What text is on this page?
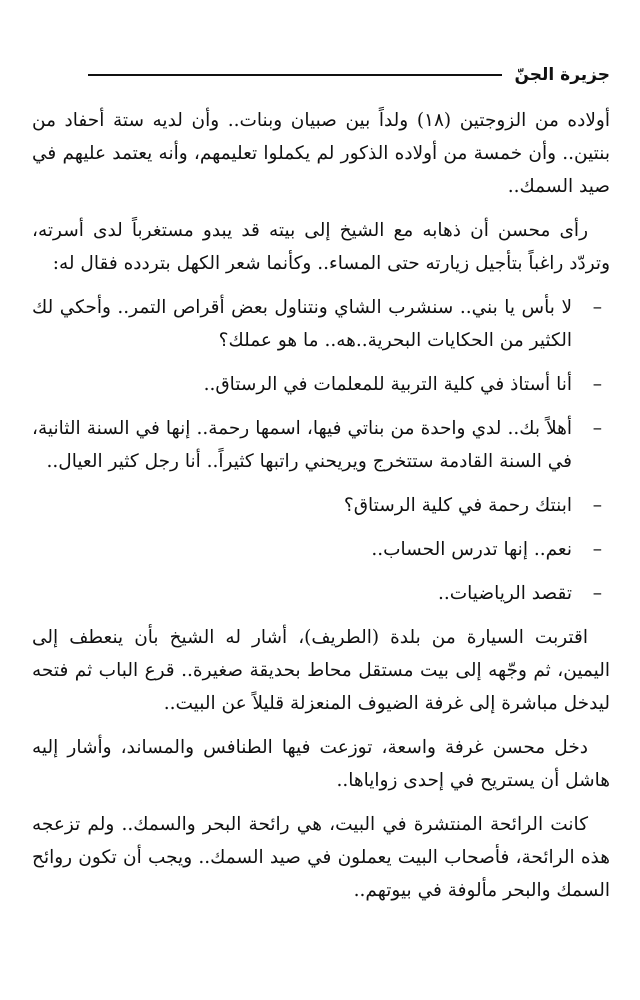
جزيرة الجنّ

أولاده من الزوجتين (١٨) ولداً بين صبيان وبنات.. وأن لديه ستة أحفاد من بنتين.. وأن خمسة من أولاده الذكور لم يكملوا تعليمهم، وأنه يعتمد عليهم في صيد السمك..

رأى محسن أن ذهابه مع الشيخ إلى بيته قد يبدو مستغرباً لدى أسرته، وتردّد راغباً بتأجيل زيارته حتى المساء.. وكأنما شعر الكهل بتردده فقال له:

–
لا بأس يا بني.. سنشرب الشاي ونتناول بعض أقراص التمر.. وأحكي لك الكثير من الحكايات البحرية..هه.. ما هو عملك؟
–
أنا أستاذ في كلية التربية للمعلمات في الرستاق..
–
أهلاً بك.. لدي واحدة من بناتي فيها، اسمها رحمة.. إنها في السنة الثانية، في السنة القادمة ستتخرج ويريحني راتبها كثيراً.. أنا رجل كثير العيال..
–
ابنتك رحمة في كلية الرستاق؟
–
نعم.. إنها تدرس الحساب..
–
تقصد الرياضيات..

اقتربت السيارة من بلدة (الطريف)، أشار له الشيخ بأن ينعطف إلى اليمين، ثم وجّهه إلى بيت مستقل محاط بحديقة صغيرة.. قرع الباب ثم فتحه ليدخل مباشرة إلى غرفة الضيوف المنعزلة قليلاً عن البيت..

دخل محسن غرفة واسعة، توزعت فيها الطنافس والمساند، وأشار إليه هاشل أن يستريح في إحدى زواياها..

كانت الرائحة المنتشرة في البيت، هي رائحة البحر والسمك.. ولم تزعجه هذه الرائحة، فأصحاب البيت يعملون في صيد السمك.. ويجب أن تكون روائح السمك والبحر مألوفة في بيوتهم..
